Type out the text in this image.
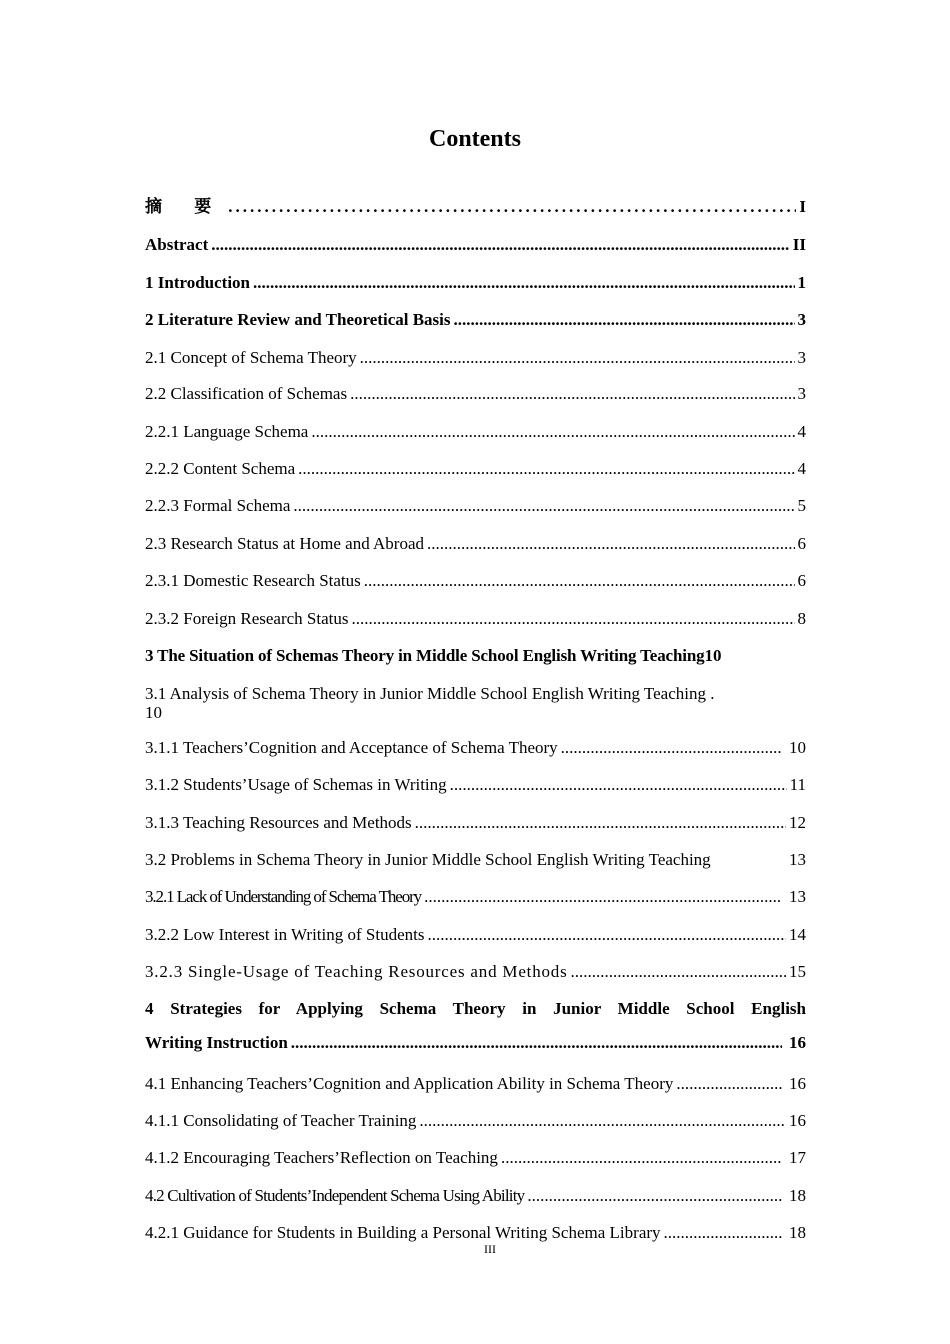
Contents
摘 要 .....	I
Abstract .....	II
1 Introduction .....	1
2 Literature Review and Theoretical Basis .....	3
2.1 Concept of Schema Theory .....	3
2.2 Classification of Schemas .....	3
2.2.1 Language Schema .....	4
2.2.2 Content Schema .....	4
2.2.3 Formal Schema .....	5
2.3 Research Status at Home and Abroad .....	6
2.3.1 Domestic Research Status .....	6
2.3.2 Foreign Research Status .....	8
3 The Situation of Schemas Theory in Middle School English Writing Teaching 10
3.1 Analysis of Schema Theory in Junior Middle School English Writing Teaching .
10
3.1.1 Teachers’Cognition and Acceptance of Schema Theory .....	10
3.1.2 Students’Usage of Schemas in Writing .....	11
3.1.3 Teaching Resources and Methods .....	12
3.2 Problems in Schema Theory in Junior Middle School English Writing Teaching	13
3.2.1 Lack of Understanding of Schema Theory .....	13
3.2.2 Low Interest in Writing of Students .....	14
3.2.3 Single-Usage of Teaching Resources and Methods .....	15
4 Strategies for Applying Schema Theory in Junior Middle School English
Writing Instruction .....	16
4.1 Enhancing Teachers’Cognition and Application Ability in Schema Theory .....	16
4.1.1 Consolidating of Teacher Training .....	16
4.1.2 Encouraging Teachers’Reflection on Teaching .....	17
4.2 Cultivation of Students’Independent Schema Using Ability .....	18
4.2.1 Guidance for Students in Building a Personal Writing Schema Library .....	18
III
